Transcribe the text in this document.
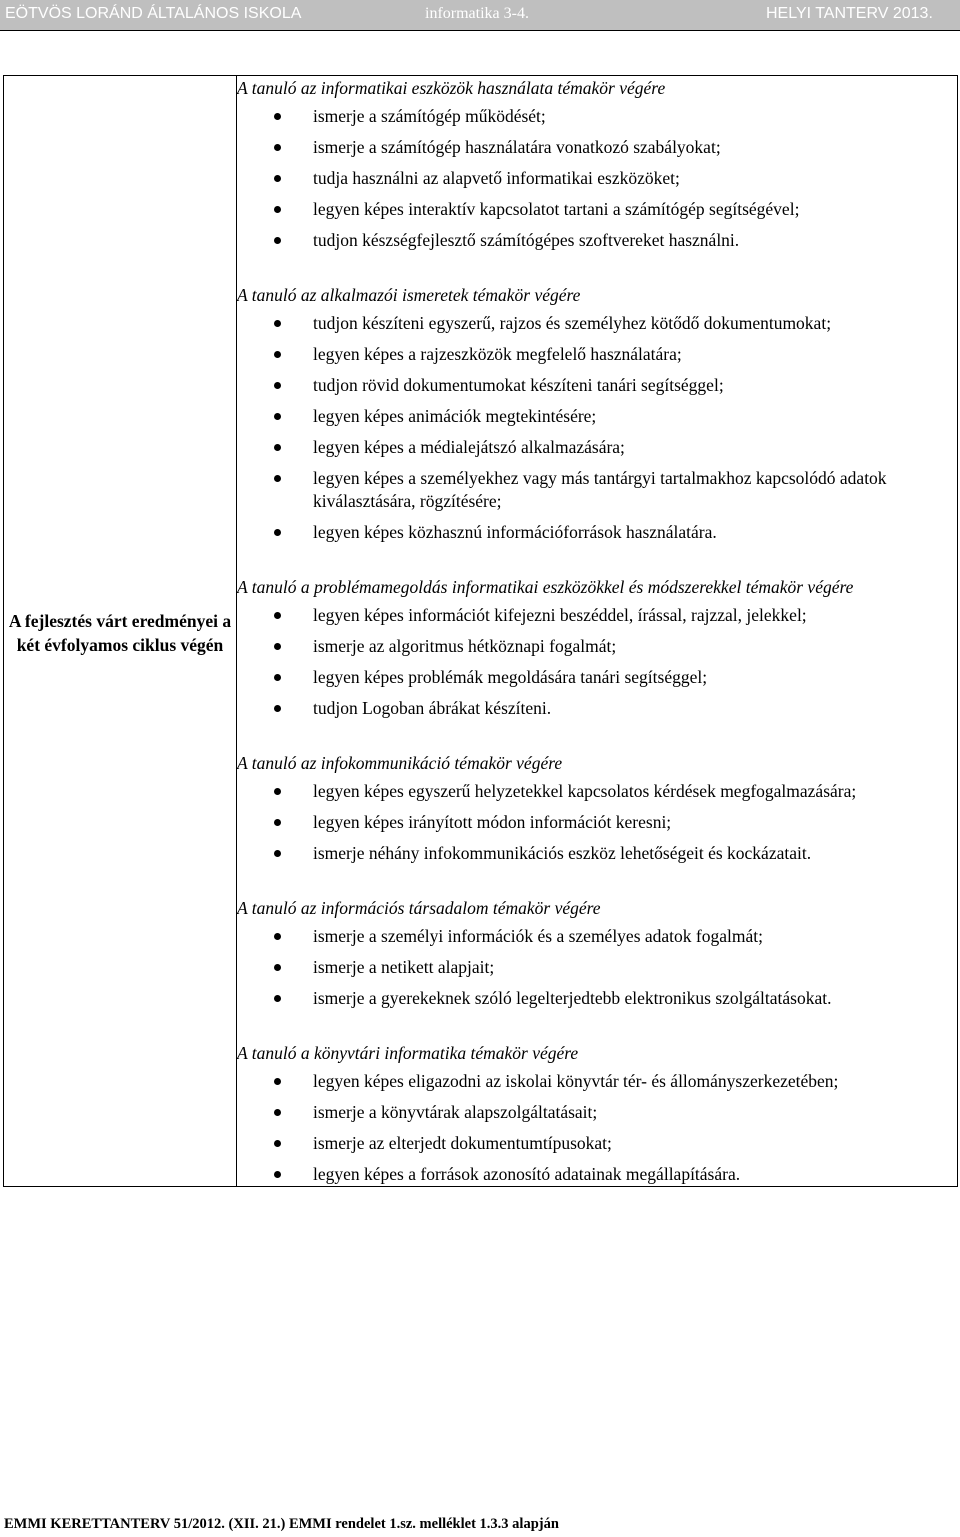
EÖTVÖS LORÁND ÁLTALÁNOS ISKOLA	informatika 3-4.	HELYI TANTERV 2013.
A fejlesztés várt eredményei a két évfolyamos ciklus végén

A tanuló az informatikai eszközök használata témakör végére
ismerje a számítógép működését;
ismerje a számítógép használatára vonatkozó szabályokat;
tudja használni az alapvető informatikai eszközöket;
legyen képes interaktív kapcsolatot tartani a számítógép segítségével;
tudjon készségfejlesztő számítógépes szoftvereket használni.
A tanuló az alkalmazói ismeretek témakör végére
tudjon készíteni egyszerű, rajzos és személyhez kötődő dokumentumokat;
legyen képes a rajzeszközök megfelelő használatára;
tudjon rövid dokumentumokat készíteni tanári segítséggel;
legyen képes animációk megtekintésére;
legyen képes a médialejátszó alkalmazására;
legyen képes a személyekhez vagy más tantárgyi tartalmakhoz kapcsolódó adatok kiválasztására, rögzítésére;
legyen képes közhasznú információforrások használatára.
A tanuló a problémamegoldás informatikai eszközökkel és módszerekkel témakör végére
legyen képes információt kifejezni beszéddel, írással, rajzzal, jelekkel;
ismerje az algoritmus hétköznapi fogalmát;
legyen képes problémák megoldására tanári segítséggel;
tudjon Logoban ábrákat készíteni.
A tanuló az infokommunikáció témakör végére
legyen képes egyszerű helyzetekkel kapcsolatos kérdések megfogalmazására;
legyen képes irányított módon információt keresni;
ismerje néhány infokommunikációs eszköz lehetőségeit és kockázatait.
A tanuló az információs társadalom témakör végére
ismerje a személyi információk és a személyes adatok fogalmát;
ismerje a netikett alapjait;
ismerje a gyerekeknek szóló legelterjedtebb elektronikus szolgáltatásokat.
A tanuló a könyvtári informatika témakör végére
legyen képes eligazodni az iskolai könyvtár tér- és állományszerkezetében;
ismerje a könyvtárak alapszolgáltatásait;
ismerje az elterjedt dokumentumtípusokat;
legyen képes a források azonosító adatainak megállapítására.
EMMI KERETTANTERV 51/2012. (XII. 21.) EMMI rendelet 1.sz. melléklet 1.3.3 alapján
